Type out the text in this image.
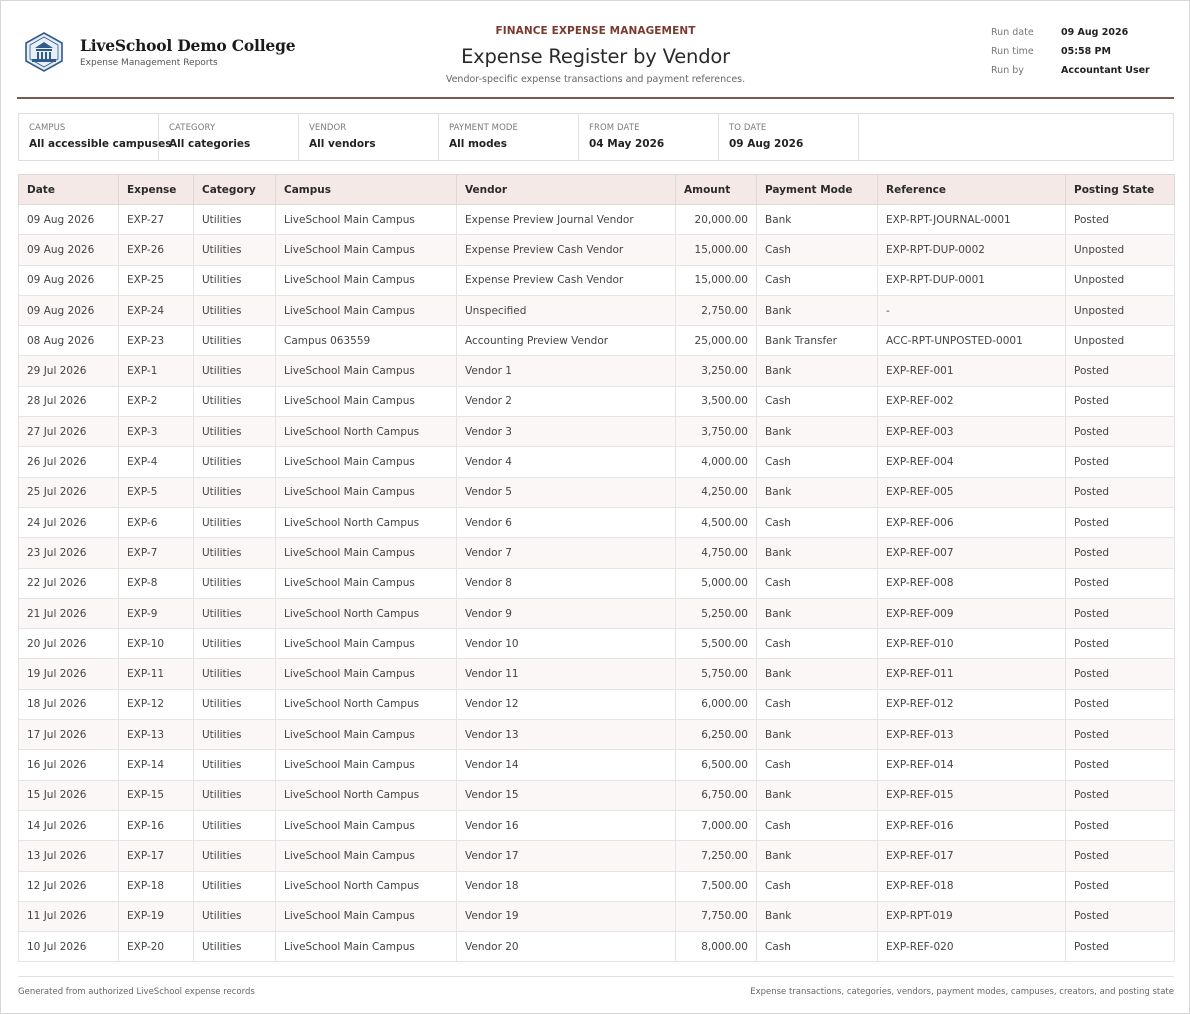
LiveSchool Demo College
Expense Management Reports
FINANCE EXPENSE MANAGEMENT
Expense Register by Vendor
Vendor-specific expense transactions and payment references.
Run date	09 Aug 2026
Run time	05:58 PM
Run by	Accountant User
CAMPUS
All accessible campuses
CATEGORY
All categories
VENDOR
All vendors
PAYMENT MODE
All modes
FROM DATE
04 May 2026
TO DATE
09 Aug 2026
Date	Expense	Category	Campus	Vendor	Amount	Payment Mode	Reference	Posting State
09 Aug 2026	EXP-27	Utilities	LiveSchool Main Campus	Expense Preview Journal Vendor	20,000.00	Bank	EXP-RPT-JOURNAL-0001	Posted
09 Aug 2026	EXP-26	Utilities	LiveSchool Main Campus	Expense Preview Cash Vendor	15,000.00	Cash	EXP-RPT-DUP-0002	Unposted
09 Aug 2026	EXP-25	Utilities	LiveSchool Main Campus	Expense Preview Cash Vendor	15,000.00	Cash	EXP-RPT-DUP-0001	Unposted
09 Aug 2026	EXP-24	Utilities	LiveSchool Main Campus	Unspecified	2,750.00	Bank	-	Unposted
08 Aug 2026	EXP-23	Utilities	Campus 063559	Accounting Preview Vendor	25,000.00	Bank Transfer	ACC-RPT-UNPOSTED-0001	Unposted
29 Jul 2026	EXP-1	Utilities	LiveSchool Main Campus	Vendor 1	3,250.00	Bank	EXP-REF-001	Posted
28 Jul 2026	EXP-2	Utilities	LiveSchool Main Campus	Vendor 2	3,500.00	Cash	EXP-REF-002	Posted
27 Jul 2026	EXP-3	Utilities	LiveSchool North Campus	Vendor 3	3,750.00	Bank	EXP-REF-003	Posted
26 Jul 2026	EXP-4	Utilities	LiveSchool Main Campus	Vendor 4	4,000.00	Cash	EXP-REF-004	Posted
25 Jul 2026	EXP-5	Utilities	LiveSchool Main Campus	Vendor 5	4,250.00	Bank	EXP-REF-005	Posted
24 Jul 2026	EXP-6	Utilities	LiveSchool North Campus	Vendor 6	4,500.00	Cash	EXP-REF-006	Posted
23 Jul 2026	EXP-7	Utilities	LiveSchool Main Campus	Vendor 7	4,750.00	Bank	EXP-REF-007	Posted
22 Jul 2026	EXP-8	Utilities	LiveSchool Main Campus	Vendor 8	5,000.00	Cash	EXP-REF-008	Posted
21 Jul 2026	EXP-9	Utilities	LiveSchool North Campus	Vendor 9	5,250.00	Bank	EXP-REF-009	Posted
20 Jul 2026	EXP-10	Utilities	LiveSchool Main Campus	Vendor 10	5,500.00	Cash	EXP-REF-010	Posted
19 Jul 2026	EXP-11	Utilities	LiveSchool Main Campus	Vendor 11	5,750.00	Bank	EXP-REF-011	Posted
18 Jul 2026	EXP-12	Utilities	LiveSchool North Campus	Vendor 12	6,000.00	Cash	EXP-REF-012	Posted
17 Jul 2026	EXP-13	Utilities	LiveSchool Main Campus	Vendor 13	6,250.00	Bank	EXP-REF-013	Posted
16 Jul 2026	EXP-14	Utilities	LiveSchool Main Campus	Vendor 14	6,500.00	Cash	EXP-REF-014	Posted
15 Jul 2026	EXP-15	Utilities	LiveSchool North Campus	Vendor 15	6,750.00	Bank	EXP-REF-015	Posted
14 Jul 2026	EXP-16	Utilities	LiveSchool Main Campus	Vendor 16	7,000.00	Cash	EXP-REF-016	Posted
13 Jul 2026	EXP-17	Utilities	LiveSchool Main Campus	Vendor 17	7,250.00	Bank	EXP-REF-017	Posted
12 Jul 2026	EXP-18	Utilities	LiveSchool North Campus	Vendor 18	7,500.00	Cash	EXP-REF-018	Posted
11 Jul 2026	EXP-19	Utilities	LiveSchool Main Campus	Vendor 19	7,750.00	Bank	EXP-RPT-019	Posted
10 Jul 2026	EXP-20	Utilities	LiveSchool Main Campus	Vendor 20	8,000.00	Cash	EXP-REF-020	Posted
Generated from authorized LiveSchool expense records	Expense transactions, categories, vendors, payment modes, campuses, creators, and posting state
